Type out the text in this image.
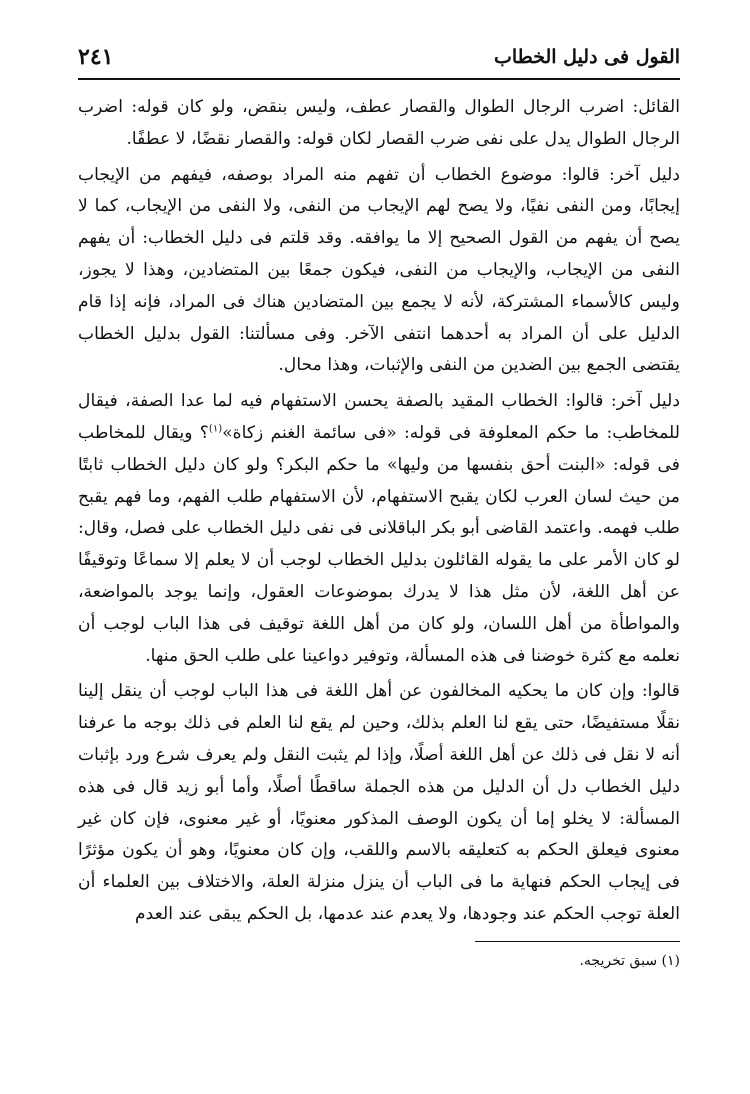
القول فى دليل الخطاب
٢٤١

القائل: اضرب الرجال الطوال والقصار عطف، وليس بنقض، ولو كان قوله: اضرب الرجال الطوال يدل على نفى ضرب القصار لكان قوله: والقصار نقضًا، لا عطفًا.

دليل آخر: قالوا: موضوع الخطاب أن تفهم منه المراد بوصفه، فيفهم من الإيجاب إيجابًا، ومن النفى نفيًا، ولا يصح لهم الإيجاب من النفى، ولا النفى من الإيجاب، كما لا يصح أن يفهم من القول الصحيح إلا ما يوافقه. وقد قلتم فى دليل الخطاب: أن يفهم النفى من الإيجاب، والإيجاب من النفى، فيكون جمعًا بين المتضادين، وهذا لا يجوز، وليس كالأسماء المشتركة، لأنه لا يجمع بين المتضادين هناك فى المراد، فإنه إذا قام الدليل على أن المراد به أحدهما انتفى الآخر. وفى مسألتنا: القول بدليل الخطاب يقتضى الجمع بين الضدين من النفى والإثبات، وهذا محال.

دليل آخر: قالوا: الخطاب المقيد بالصفة يحسن الاستفهام فيه لما عدا الصفة، فيقال للمخاطب: ما حكم المعلوفة فى قوله: «فى سائمة الغنم زكاة»$^{(١)}$؟ ويقال للمخاطب فى قوله: «البنت أحق بنفسها من وليها» ما حكم البكر؟ ولو كان دليل الخطاب ثابتًا من حيث لسان العرب لكان يقبح الاستفهام، لأن الاستفهام طلب الفهم، وما فهم يقبح طلب فهمه. واعتمد القاضى أبو بكر الباقلانى فى نفى دليل الخطاب على فصل، وقال: لو كان الأمر على ما يقوله القائلون بدليل الخطاب لوجب أن لا يعلم إلا سماعًا وتوقيفًا عن أهل اللغة، لأن مثل هذا لا يدرك بموضوعات العقول، وإنما يوجد بالمواضعة، والمواطأة من أهل اللسان، ولو كان من أهل اللغة توقيف فى هذا الباب لوجب أن نعلمه مع كثرة خوضنا فى هذه المسألة، وتوفير دواعينا على طلب الحق منها.

قالوا: وإن كان ما يحكيه المخالفون عن أهل اللغة فى هذا الباب لوجب أن ينقل إلينا نقلًا مستفيضًا، حتى يقع لنا العلم بذلك، وحين لم يقع لنا العلم فى ذلك بوجه ما عرفنا أنه لا نقل فى ذلك عن أهل اللغة أصلًا، وإذا لم يثبت النقل ولم يعرف شرع ورد بإثبات دليل الخطاب دل أن الدليل من هذه الجملة ساقطًا أصلًا، وأما أبو زيد قال فى هذه المسألة: لا يخلو إما أن يكون الوصف المذكور معنويًا، أو غير معنوى، فإن كان غير معنوى فيعلق الحكم به كتعليقه بالاسم واللقب، وإن كان معنويًا، وهو أن يكون مؤثرًا فى إيجاب الحكم فنهاية ما فى الباب أن ينزل منزلة العلة، والاختلاف بين العلماء أن العلة توجب الحكم عند وجودها، ولا يعدم عند عدمها، بل الحكم يبقى عند العدم

(١) سبق تخريجه.
